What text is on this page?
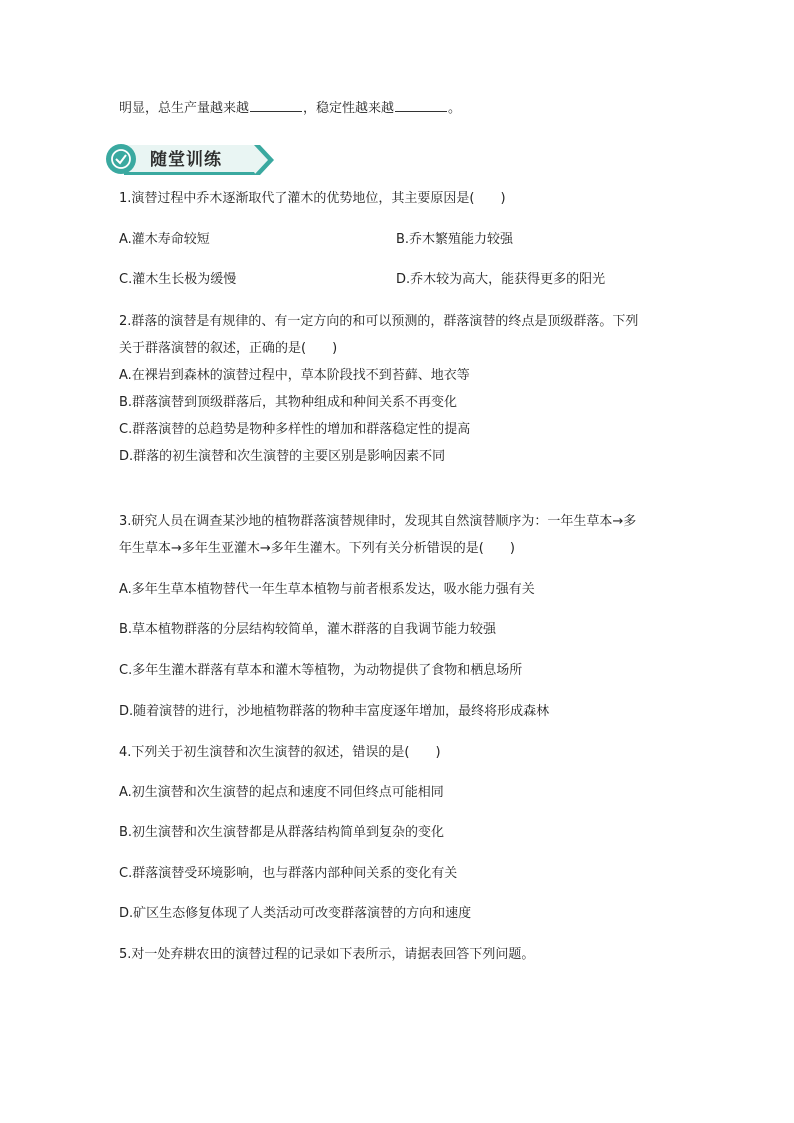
明显，总生产量越来越	，稳定性越来越	。
随堂训练
1.演替过程中乔木逐渐取代了灌木的优势地位，其主要原因是(　　)
A.灌木寿命较短	B.乔木繁殖能力较强
C.灌木生长极为缓慢	D.乔木较为高大，能获得更多的阳光
2.群落的演替是有规律的、有一定方向的和可以预测的，群落演替的终点是顶级群落。下列
关于群落演替的叙述，正确的是(　　)
A.在裸岩到森林的演替过程中，草本阶段找不到苔藓、地衣等
B.群落演替到顶级群落后，其物种组成和种间关系不再变化
C.群落演替的总趋势是物种多样性的增加和群落稳定性的提高
D.群落的初生演替和次生演替的主要区别是影响因素不同
3.研究人员在调查某沙地的植物群落演替规律时，发现其自然演替顺序为：一年生草本→多
年生草本→多年生亚灌木→多年生灌木。下列有关分析错误的是(　　)
A.多年生草本植物替代一年生草本植物与前者根系发达，吸水能力强有关
B.草本植物群落的分层结构较简单，灌木群落的自我调节能力较强
C.多年生灌木群落有草本和灌木等植物，为动物提供了食物和栖息场所
D.随着演替的进行，沙地植物群落的物种丰富度逐年增加，最终将形成森林
4.下列关于初生演替和次生演替的叙述，错误的是(　　)
A.初生演替和次生演替的起点和速度不同但终点可能相同
B.初生演替和次生演替都是从群落结构简单到复杂的变化
C.群落演替受环境影响，也与群落内部种间关系的变化有关
D.矿区生态修复体现了人类活动可改变群落演替的方向和速度
5.对一处弃耕农田的演替过程的记录如下表所示，请据表回答下列问题。
